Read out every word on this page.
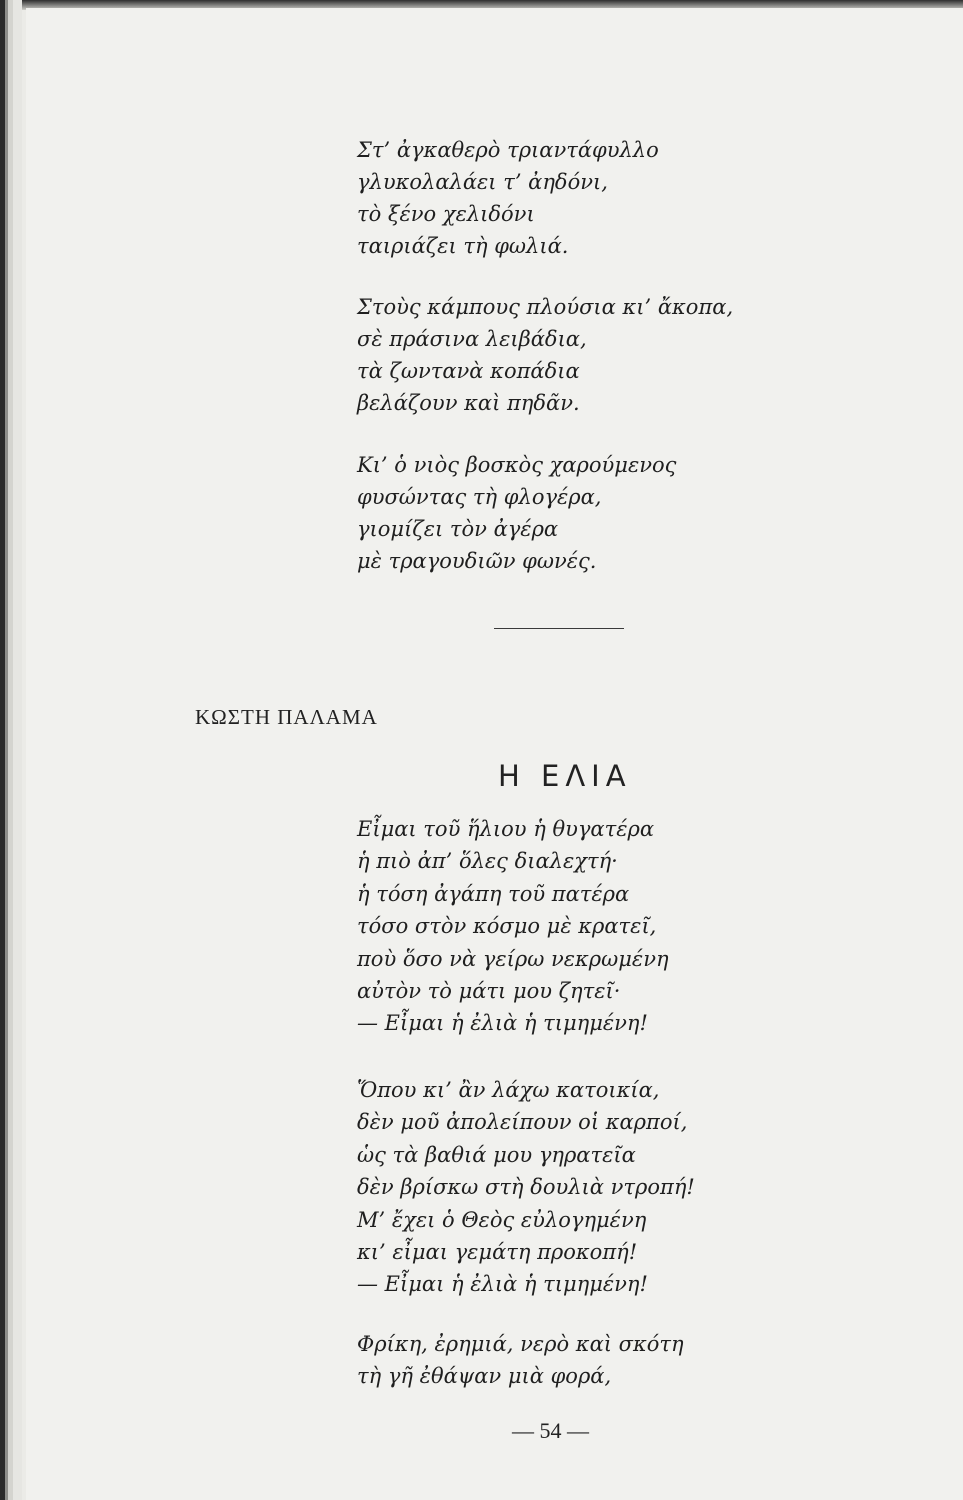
Στ’ ἀγκαθερὸ τριαντάφυλλο
γλυκολαλάει τ’ ἀηδόνι,
τὸ ξένο χελιδόνι
ταιριάζει τὴ φωλιά.
Στοὺς κάμπους πλούσια κι’ ἄκοπα,
σὲ πράσινα λειβάδια,
τὰ ζωντανὰ κοπάδια
βελάζουν καὶ πηδᾶν.
Κι’ ὁ νιὸς βοσκὸς χαρούμενος
φυσώντας τὴ φλογέρα,
γιομίζει τὸν ἀγέρα
μὲ τραγουδιῶν φωνές.
ΚΩΣΤΗ ΠΑΛΑΜΑ
Η ΕΛΙΑ
Εἶμαι τοῦ ἥλιου ἡ θυγατέρα
ἡ πιὸ ἀπ’ ὅλες διαλεχτή·
ἡ τόση ἀγάπη τοῦ πατέρα
τόσο στὸν κόσμο μὲ κρατεῖ,
ποὺ ὅσο νὰ γείρω νεκρωμένη
αὐτὸν τὸ μάτι μου ζητεῖ·
— Εἶμαι ἡ ἐλιὰ ἡ τιμημένη!
Ὅπου κι’ ἂν λάχω κατοικία,
δὲν μοῦ ἀπολείπουν οἱ καρποί,
ὡς τὰ βαθιά μου γηρατεῖα
δὲν βρίσκω στὴ δουλιὰ ντροπή!
Μ’ ἔχει ὁ Θεὸς εὐλογημένη
κι’ εἶμαι γεμάτη προκοπή!
— Εἶμαι ἡ ἐλιὰ ἡ τιμημένη!
Φρίκη, ἐρημιά, νερὸ καὶ σκότη
τὴ γῆ ἐθάψαν μιὰ φορά,
— 54 —
